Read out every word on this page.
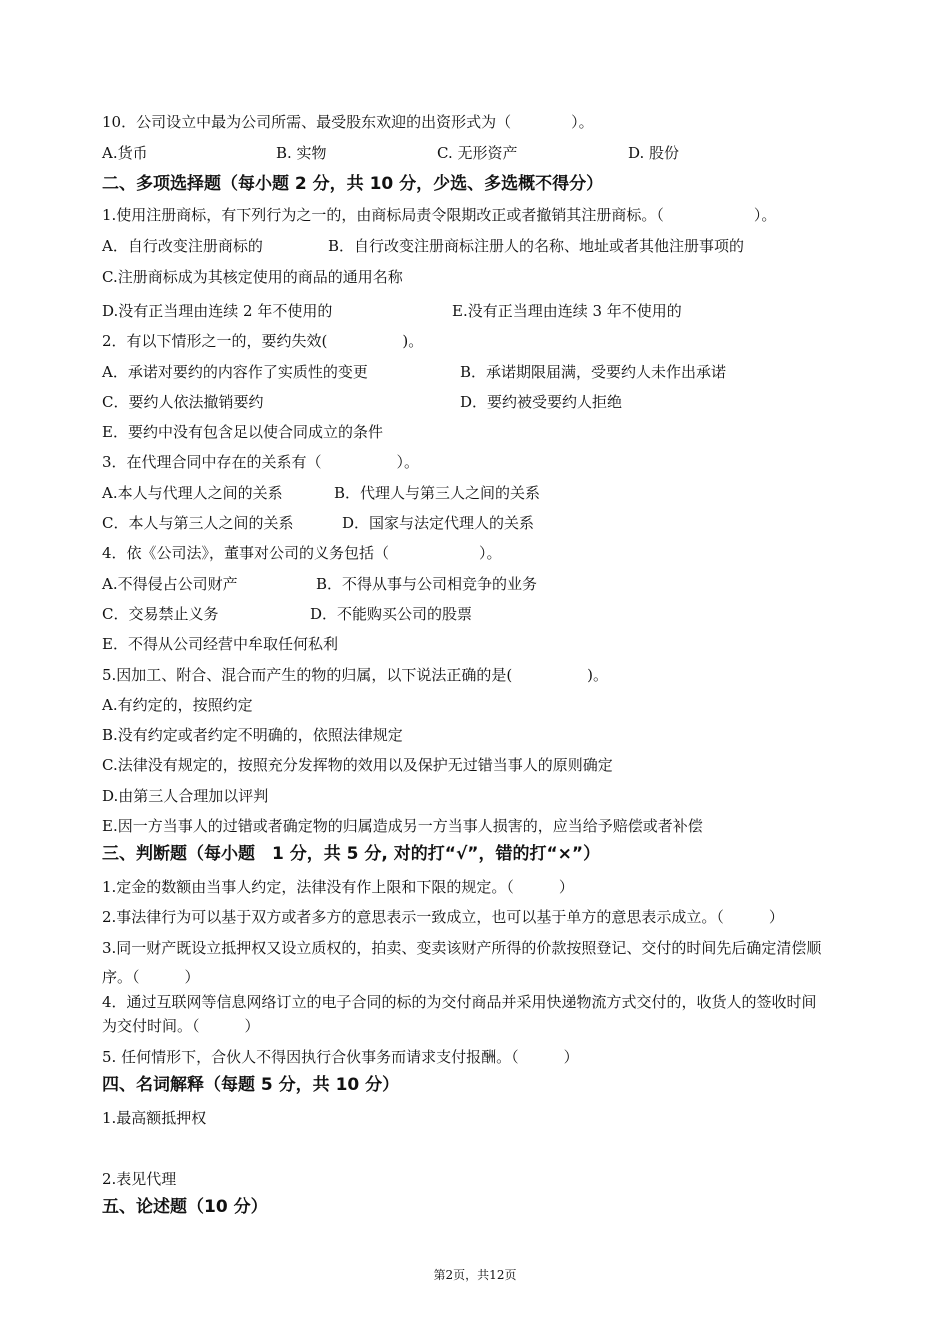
10．公司设立中最为公司所需、最受股东欢迎的出资形式为（　　　　）。
A.货币	B. 实物	C. 无形资产	D. 股份
二、多项选择题（每小题 2 分，共 10 分，少选、多选概不得分）
1.使用注册商标，有下列行为之一的，由商标局责令限期改正或者撤销其注册商标。（　　　　　　）。
A．自行改变注册商标的	B．自行改变注册商标注册人的名称、地址或者其他注册事项的
C.注册商标成为其核定使用的商品的通用名称
D.没有正当理由连续 2 年不使用的	E.没有正当理由连续 3 年不使用的
2．有以下情形之一的，要约失效(　　　　　)。
A．承诺对要约的内容作了实质性的变更	B．承诺期限届满，受要约人未作出承诺
C．要约人依法撤销要约	D．要约被受要约人拒绝
E．要约中没有包含足以使合同成立的条件
3．在代理合同中存在的关系有（　　　　　）。
A.本人与代理人之间的关系	B．代理人与第三人之间的关系
C．本人与第三人之间的关系	D．国家与法定代理人的关系
4．依《公司法》，董事对公司的义务包括（　　　　　　）。
A.不得侵占公司财产	B．不得从事与公司相竞争的业务
C．交易禁止义务	D．不能购买公司的股票
E．不得从公司经营中牟取任何私利
5.因加工、附合、混合而产生的物的归属，以下说法正确的是(　　　　　)。
A.有约定的，按照约定
B.没有约定或者约定不明确的，依照法律规定
C.法律没有规定的，按照充分发挥物的效用以及保护无过错当事人的原则确定
D.由第三人合理加以评判
E.因一方当事人的过错或者确定物的归属造成另一方当事人损害的，应当给予赔偿或者补偿
三、判断题（每小题　1 分，共 5 分, 对的打“√”，错的打“×”）
1.定金的数额由当事人约定，法律没有作上限和下限的规定。（　　　）
2.事法律行为可以基于双方或者多方的意思表示一致成立，也可以基于单方的意思表示成立。（　　　）
3.同一财产既设立抵押权又设立质权的，拍卖、变卖该财产所得的价款按照登记、交付的时间先后确定清偿顺
序。（　　　）
4．通过互联网等信息网络订立的电子合同的标的为交付商品并采用快递物流方式交付的，收货人的签收时间
为交付时间。（　　　）
5. 任何情形下，合伙人不得因执行合伙事务而请求支付报酬。（　　　）
四、名词解释（每题 5 分，共 10 分）
1.最高额抵押权
2.表见代理
五、论述题（10 分）
第2页，共12页
